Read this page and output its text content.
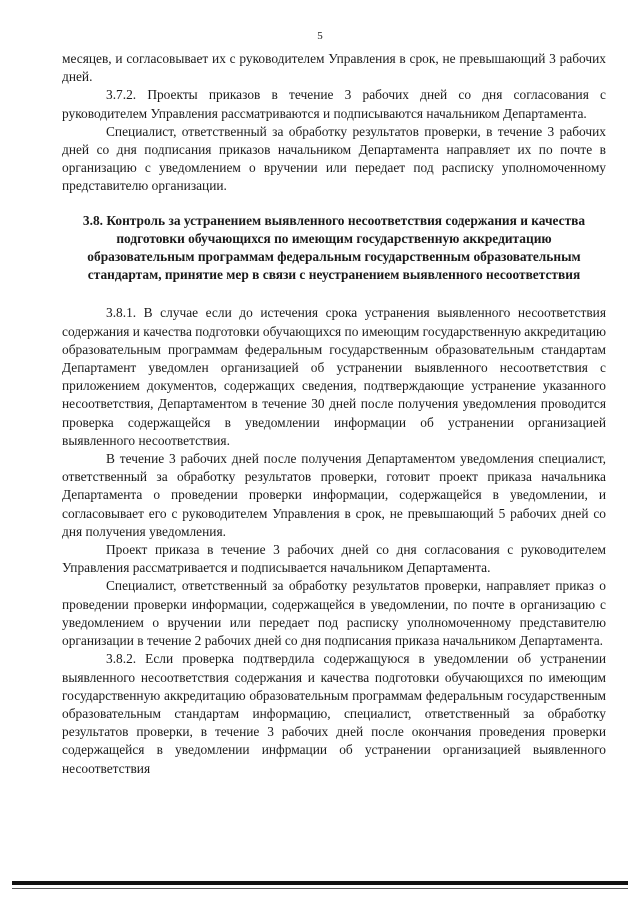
5

месяцев, и согласовывает их с руководителем Управления в срок, не превышающий 3 рабочих дней.

3.7.2. Проекты приказов в течение 3 рабочих дней со дня согласования с руководителем Управления рассматриваются и подписываются начальником Департамента.

Специалист, ответственный за обработку результатов проверки, в течение 3 рабочих дней со дня подписания приказов начальником Департамента направляет их по почте в организацию с уведомлением о вручении или передает под расписку уполномоченному представителю организации.

3.8. Контроль за устранением выявленного несоответствия содержания и качества подготовки обучающихся по имеющим государственную аккредитацию образовательным программам федеральным государственным образовательным стандартам, принятие мер в связи с неустранением выявленного несоответствия

3.8.1. В случае если до истечения срока устранения выявленного несоответствия содержания и качества подготовки обучающихся по имеющим государственную аккредитацию образовательным программам федеральным государственным образовательным стандартам Департамент уведомлен организацией об устранении выявленного несоответствия с приложением документов, содержащих сведения, подтверждающие устранение указанного несоответствия, Департаментом в течение 30 дней после получения уведомления проводится проверка содержащейся в уведомлении информации об устранении организацией выявленного несоответствия.

В течение 3 рабочих дней после получения Департаментом уведомления специалист, ответственный за обработку результатов проверки, готовит проект приказа начальника Департамента о проведении проверки информации, содержащейся в уведомлении, и согласовывает его с руководителем Управления в срок, не превышающий 5 рабочих дней со дня получения уведомления.

Проект приказа в течение 3 рабочих дней со дня согласования с руководителем Управления рассматривается и подписывается начальником Департамента.

Специалист, ответственный за обработку результатов проверки, направляет приказ о проведении проверки информации, содержащейся в уведомлении, по почте в организацию с уведомлением о вручении или передает под расписку уполномоченному представителю организации в течение 2 рабочих дней со дня подписания приказа начальником Департамента.

3.8.2. Если проверка подтвердила содержащуюся в уведомлении об устранении выявленного несоответствия содержания и качества подготовки обучающихся по имеющим государственную аккредитацию образовательным программам федеральным государственным образовательным стандартам информацию, специалист, ответственный за обработку результатов проверки, в течение 3 рабочих дней после окончания проведения проверки содержащейся в уведомлении инфрмации об устранении организацией выявленного несоответствия
